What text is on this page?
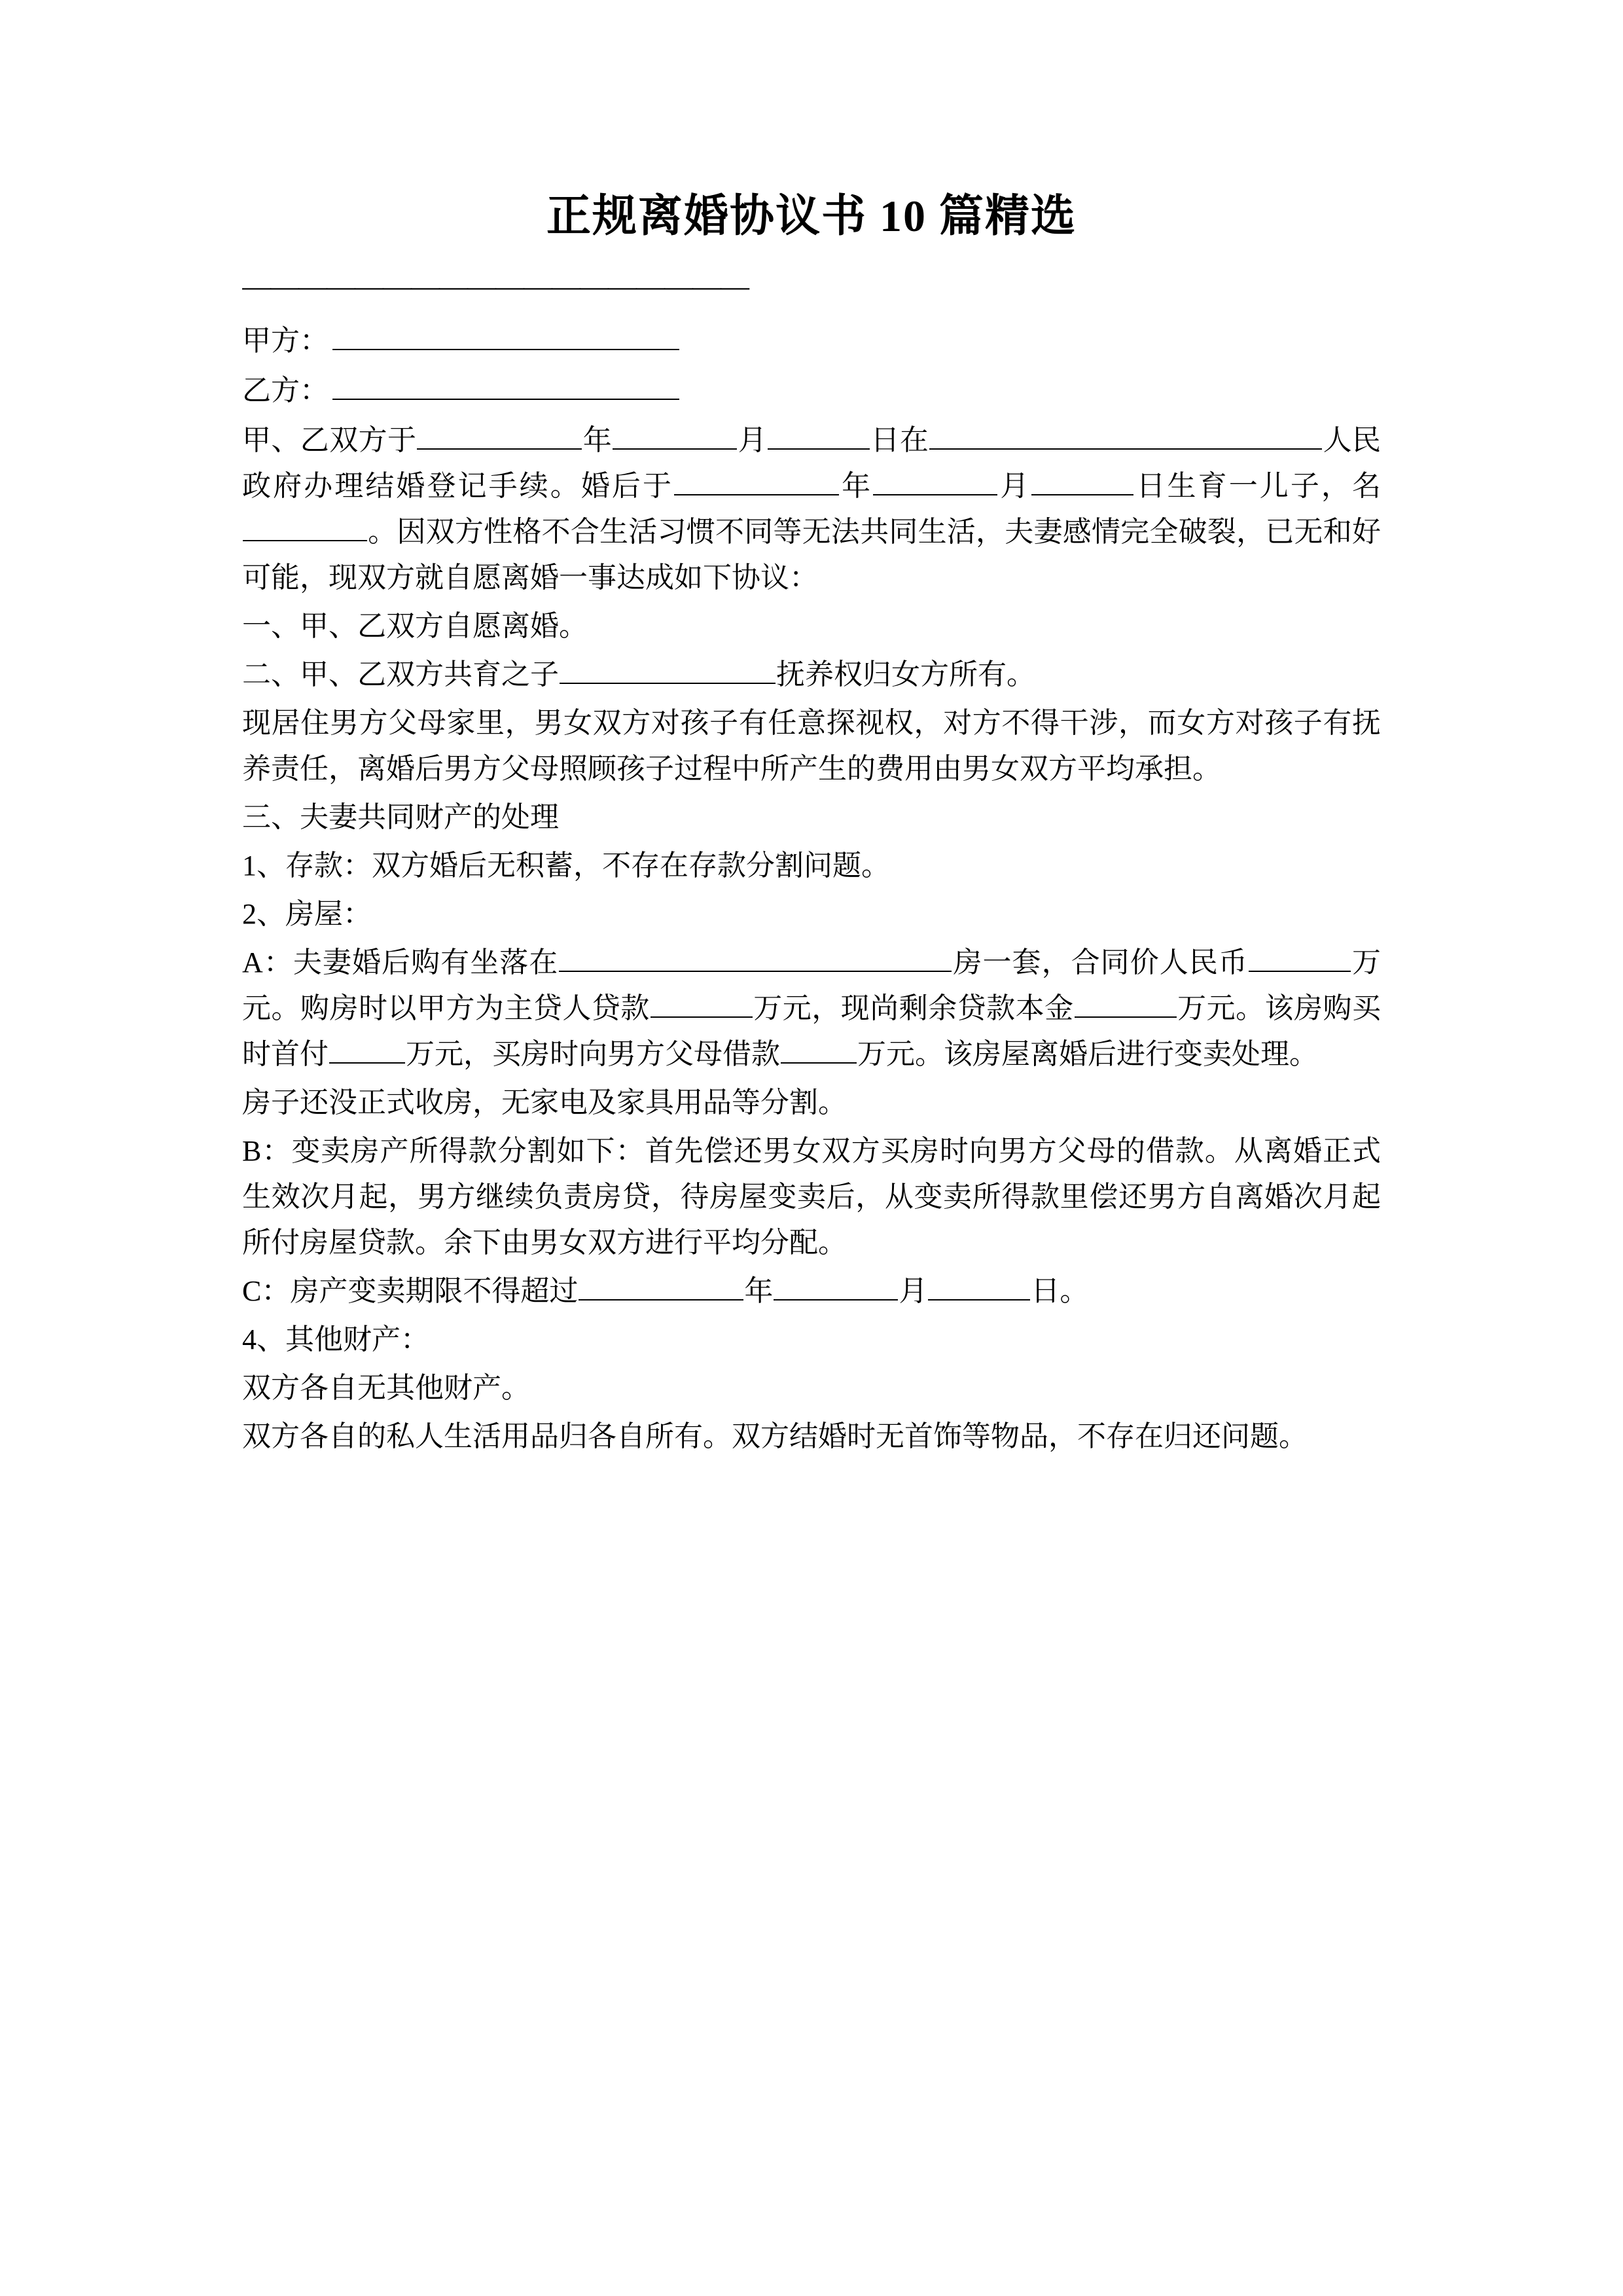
正规离婚协议书 10 篇精选
——————————————————
甲方：
乙方：
甲、乙双方于	年	月	日在	人民政府办理结婚登记手续。婚后于	年	月	日生育一儿子，名。因双方性格不合生活习惯不同等无法共同生活，夫妻感情完全破裂，已无和好可能，现双方就自愿离婚一事达成如下协议：
一、甲、乙双方自愿离婚。
二、甲、乙双方共育之子	抚养权归女方所有。
现居住男方父母家里，男女双方对孩子有任意探视权，对方不得干涉，而女方对孩子有抚养责任，离婚后男方父母照顾孩子过程中所产生的费用由男女双方平均承担。
三、夫妻共同财产的处理
1、存款：双方婚后无积蓄，不存在存款分割问题。
2、房屋：
A：夫妻婚后购有坐落在	房一套，合同价人民币	万元。购房时以甲方为主贷人贷款	万元，现尚剩余贷款本金	万元。该房购买时首付	万元，买房时向男方父母借款	万元。该房屋离婚后进行变卖处理。
房子还没正式收房，无家电及家具用品等分割。
B：变卖房产所得款分割如下：首先偿还男女双方买房时向男方父母的借款。从离婚正式生效次月起，男方继续负责房贷，待房屋变卖后，从变卖所得款里偿还男方自离婚次月起所付房屋贷款。余下由男女双方进行平均分配。
C：房产变卖期限不得超过	年	月	日。
4、其他财产：
双方各自无其他财产。
双方各自的私人生活用品归各自所有。双方结婚时无首饰等物品，不存在归还问题。
